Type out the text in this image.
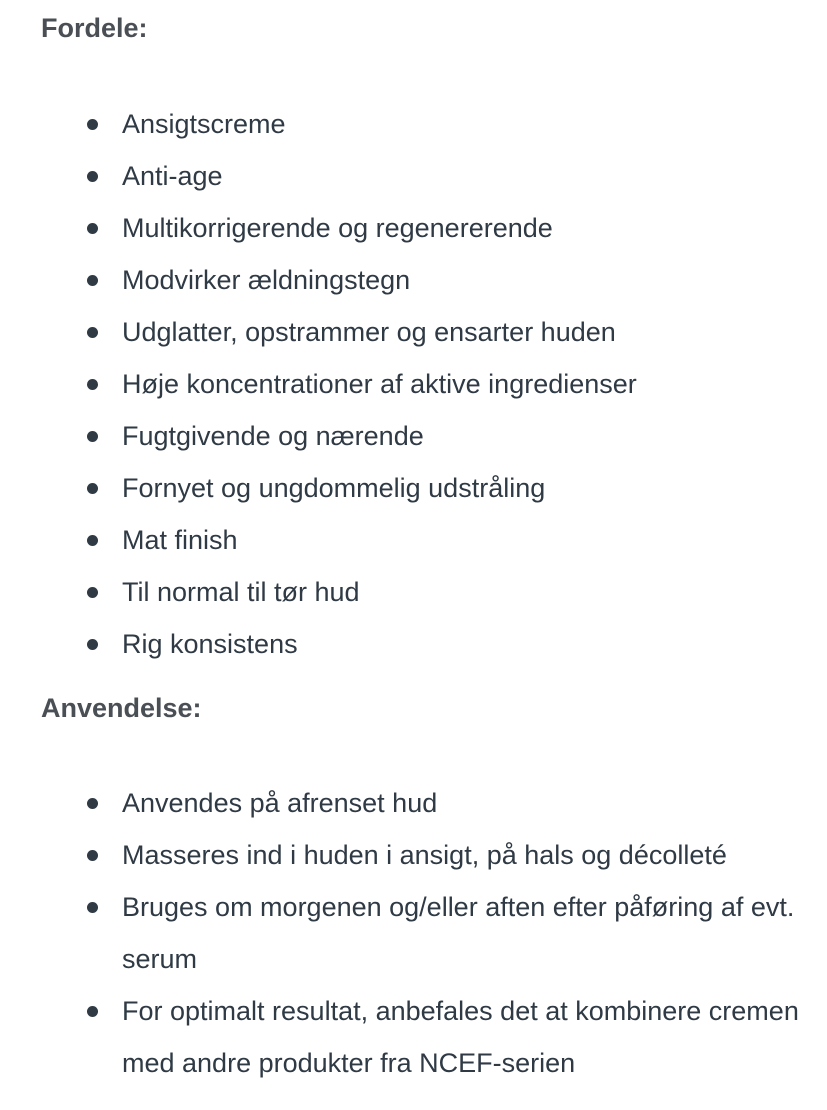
Fordele:
Ansigtscreme
Anti-age
Multikorrigerende og regenererende
Modvirker ældningstegn
Udglatter, opstrammer og ensarter huden
Høje koncentrationer af aktive ingredienser
Fugtgivende og nærende
Fornyet og ungdommelig udstråling
Mat finish
Til normal til tør hud
Rig konsistens
Anvendelse:
Anvendes på afrenset hud
Masseres ind i huden i ansigt, på hals og décolleté
Bruges om morgenen og/eller aften efter påføring af evt. serum
For optimalt resultat, anbefales det at kombinere cremen med andre produkter fra NCEF-serien
